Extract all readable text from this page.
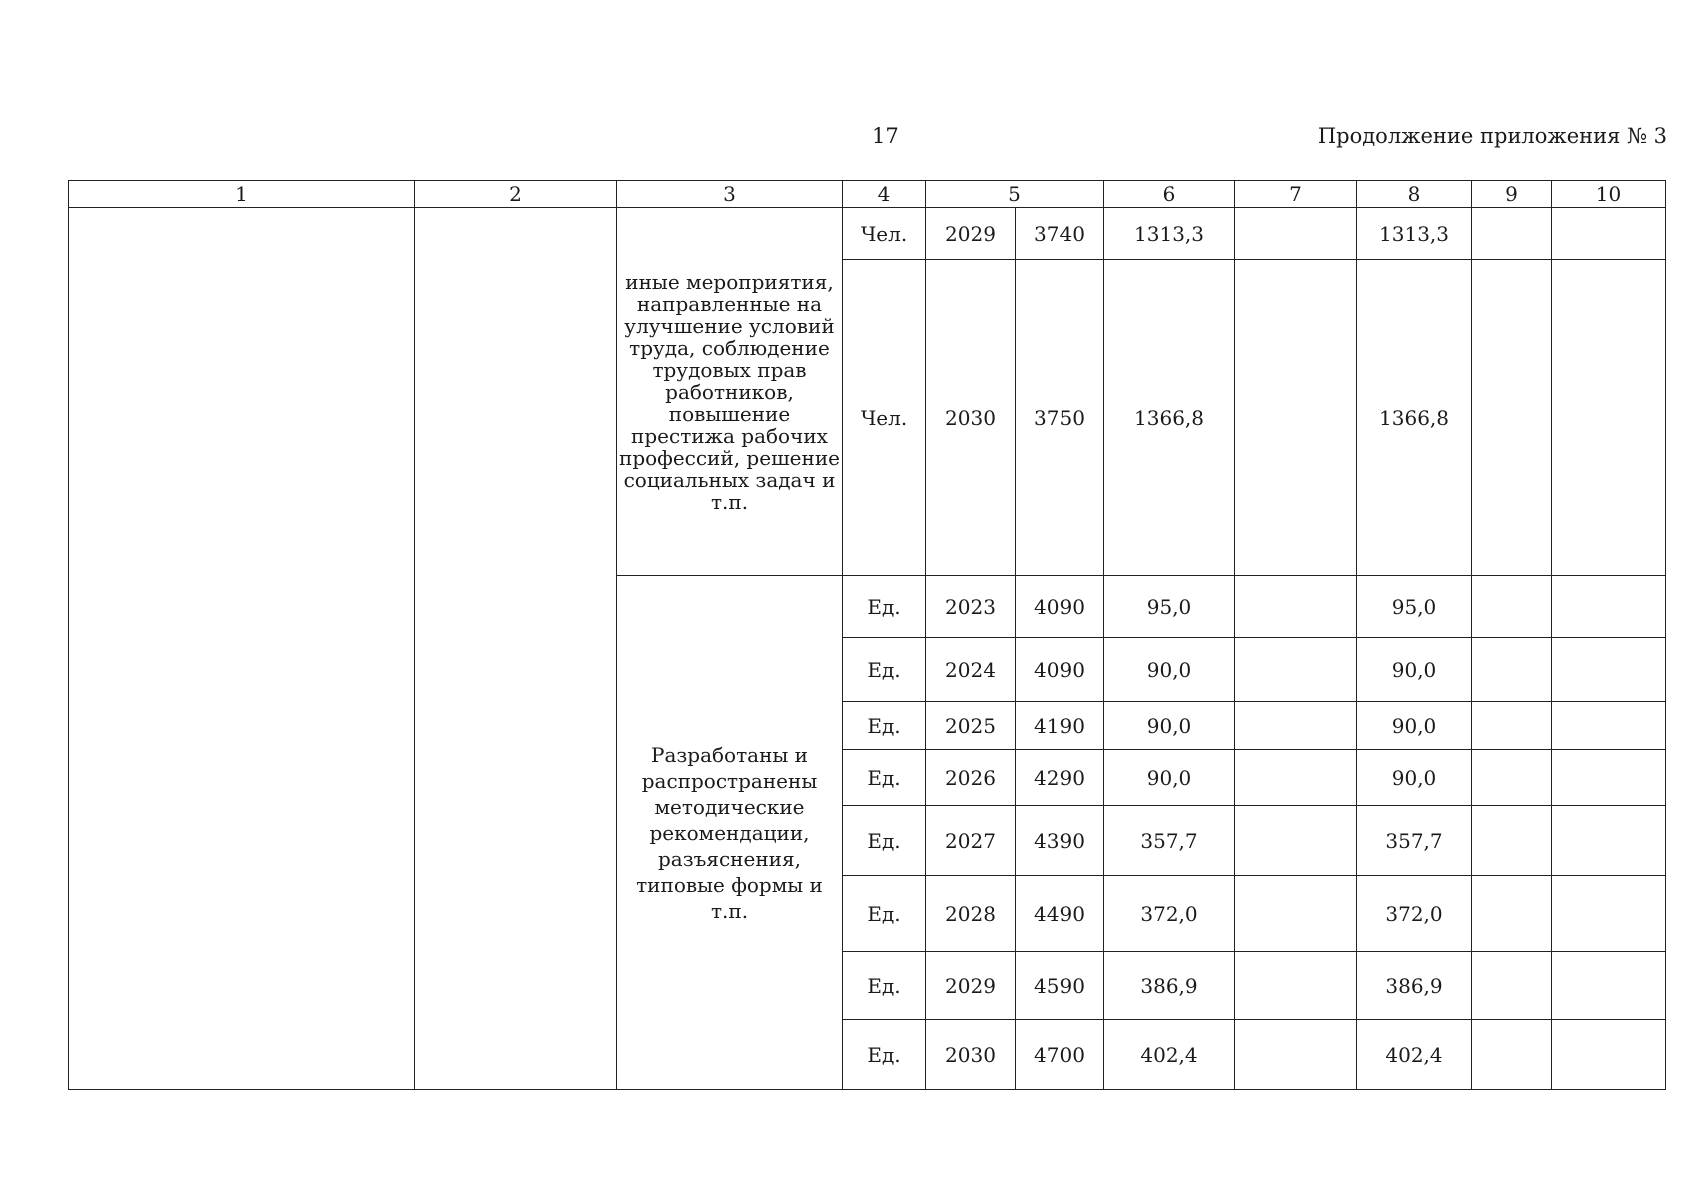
17	Продолжение приложения № 3
1	2	3	4	5		6	7	8	9	10
		иные мероприятия, направленные на улучшение условий труда, соблюдение трудовых прав работников, повышение престижа рабочих профессий, решение социальных задач и т.п.	Чел.	2029	3740	1313,3		1313,3		
			Чел.	2030	3750	1366,8		1366,8		
		Разработаны и распространены методические рекомендации, разъяснения, типовые формы и т.п.	Ед.	2023	4090	95,0		95,0		
			Ед.	2024	4090	90,0		90,0		
			Ед.	2025	4190	90,0		90,0		
			Ед.	2026	4290	90,0		90,0		
			Ед.	2027	4390	357,7		357,7		
			Ед.	2028	4490	372,0		372,0		
			Ед.	2029	4590	386,9		386,9		
			Ед.	2030	4700	402,4		402,4		
